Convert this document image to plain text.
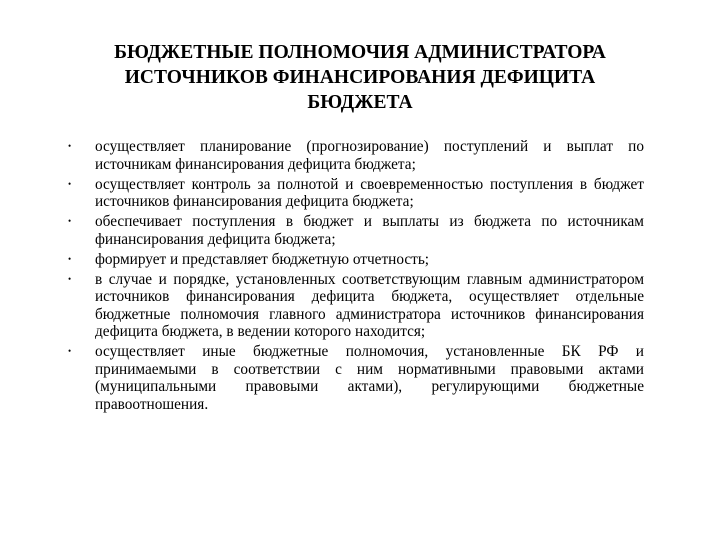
БЮДЖЕТНЫЕ ПОЛНОМОЧИЯ АДМИНИСТРАТОРА
ИСТОЧНИКОВ ФИНАНСИРОВАНИЯ ДЕФИЦИТА
БЮДЖЕТА
•	осуществляет планирование (прогнозирование) поступлений и выплат по источникам финансирования дефицита бюджета;
•	осуществляет контроль за полнотой и своевременностью поступления в бюджет источников финансирования дефицита бюджета;
•	обеспечивает поступления в бюджет и выплаты из бюджета по источникам финансирования дефицита бюджета;
•	формирует и представляет бюджетную отчетность;
•	в случае и порядке, установленных соответствующим главным администратором источников финансирования дефицита бюджета, осуществляет отдельные бюджетные полномочия главного администратора источников финансирования дефицита бюджета, в ведении которого находится;
•	осуществляет иные бюджетные полномочия, установленные БК РФ и принимаемыми в соответствии с ним нормативными правовыми актами (муниципальными правовыми актами), регулирующими бюджетные правоотношения.
